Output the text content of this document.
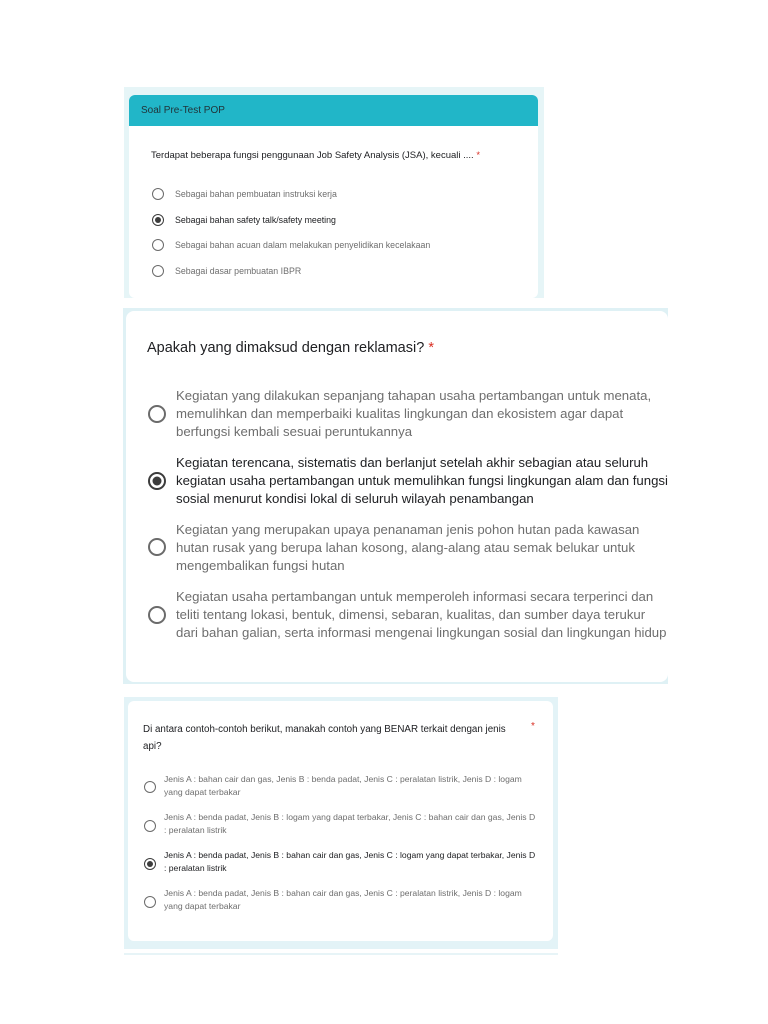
Soal Pre-Test POP
Terdapat beberapa fungsi penggunaan Job Safety Analysis (JSA), kecuali .... *
Sebagai bahan pembuatan instruksi kerja
Sebagai bahan safety talk/safety meeting
Sebagai bahan acuan dalam melakukan penyelidikan kecelakaan
Sebagai dasar pembuatan IBPR
Apakah yang dimaksud dengan reklamasi? *
Kegiatan yang dilakukan sepanjang tahapan usaha pertambangan untuk menata, memulihkan dan memperbaiki kualitas lingkungan dan ekosistem agar dapat berfungsi kembali sesuai peruntukannya
Kegiatan terencana, sistematis dan berlanjut setelah akhir sebagian atau seluruh kegiatan usaha pertambangan untuk memulihkan fungsi lingkungan alam dan fungsi sosial menurut kondisi lokal di seluruh wilayah penambangan
Kegiatan yang merupakan upaya penanaman jenis pohon hutan pada kawasan hutan rusak yang berupa lahan kosong, alang-alang atau semak belukar untuk mengembalikan fungsi hutan
Kegiatan usaha pertambangan untuk memperoleh informasi secara terperinci dan teliti tentang lokasi, bentuk, dimensi, sebaran, kualitas, dan sumber daya terukur dari bahan galian, serta informasi mengenai lingkungan sosial dan lingkungan hidup
Di antara contoh-contoh berikut, manakah contoh yang BENAR terkait dengan jenis api?
*
Jenis A : bahan cair dan gas, Jenis B : benda padat, Jenis C : peralatan listrik, Jenis D : logam yang dapat terbakar
Jenis A : benda padat, Jenis B : logam yang dapat terbakar, Jenis C : bahan cair dan gas, Jenis D : peralatan listrik
Jenis A : benda padat, Jenis B : bahan cair dan gas, Jenis C : logam yang dapat terbakar, Jenis D : peralatan listrik
Jenis A : benda padat, Jenis B : bahan cair dan gas, Jenis C : peralatan listrik, Jenis D : logam yang dapat terbakar
